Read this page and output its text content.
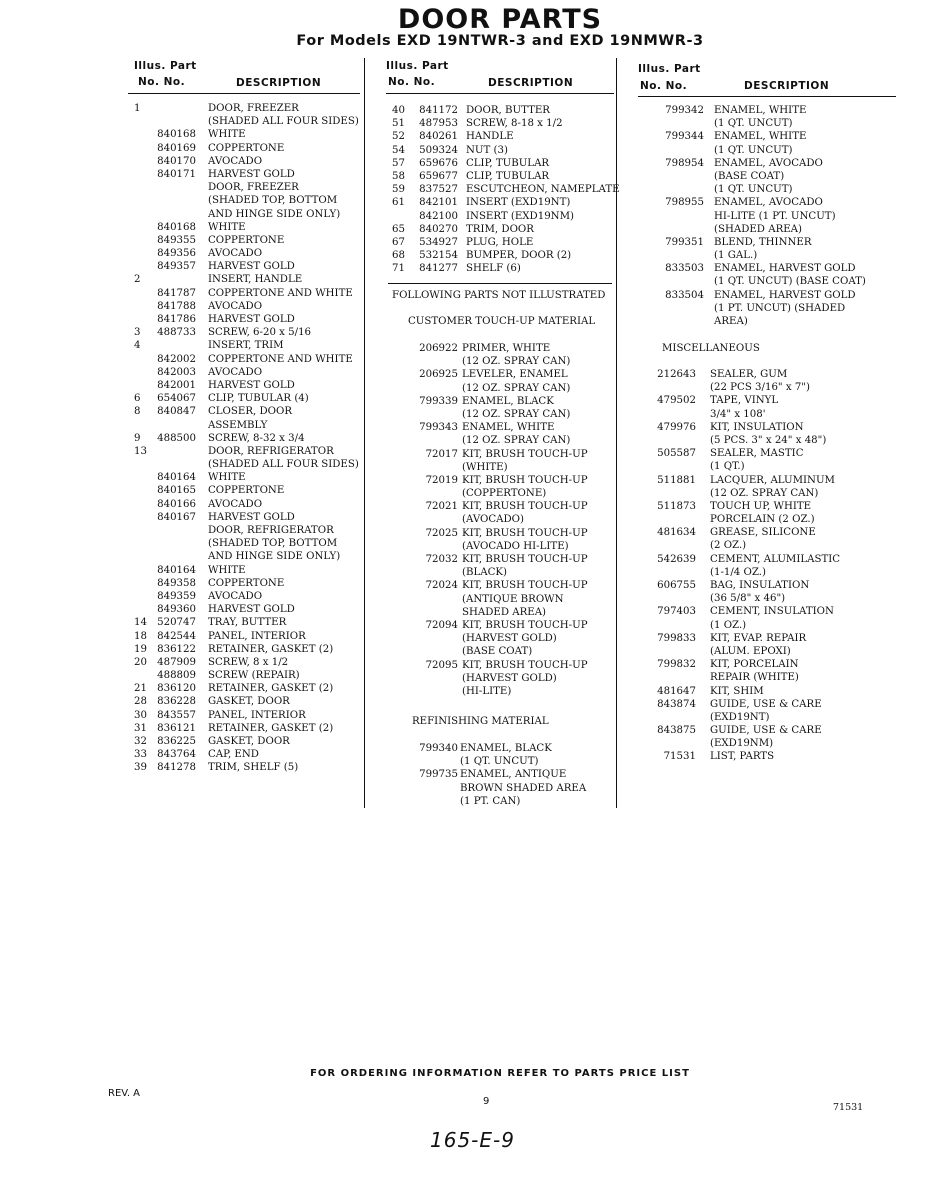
DOOR PARTS
For Models EXD 19NTWR-3 and EXD 19NMWR-3
Illus. Part
No. No.	DESCRIPTION
1	DOOR, FREEZER
(SHADED ALL FOUR SIDES)
840168 WHITE
840169 COPPERTONE
840170 AVOCADO
840171 HARVEST GOLD
DOOR, FREEZER
(SHADED TOP, BOTTOM
AND HINGE SIDE ONLY)
840168 WHITE
849355 COPPERTONE
849356 AVOCADO
849357 HARVEST GOLD
2	INSERT, HANDLE
841787 COPPERTONE AND WHITE
841788 AVOCADO
841786 HARVEST GOLD
3 488733 SCREW, 6-20 x 5/16
4	INSERT, TRIM
842002 COPPERTONE AND WHITE
842003 AVOCADO
842001 HARVEST GOLD
6 654067 CLIP, TUBULAR (4)
8 840847 CLOSER, DOOR
ASSEMBLY
9 488500 SCREW, 8-32 x 3/4
13	DOOR, REFRIGERATOR
(SHADED ALL FOUR SIDES)
840164 WHITE
840165 COPPERTONE
840166 AVOCADO
840167 HARVEST GOLD
DOOR, REFRIGERATOR
(SHADED TOP, BOTTOM
AND HINGE SIDE ONLY)
840164 WHITE
849358 COPPERTONE
849359 AVOCADO
849360 HARVEST GOLD
14 520747 TRAY, BUTTER
18 842544 PANEL, INTERIOR
19 836122 RETAINER, GASKET (2)
20 487909 SCREW, 8 x 1/2
488809 SCREW (REPAIR)
21 836120 RETAINER, GASKET (2)
28 836228 GASKET, DOOR
30 843557 PANEL, INTERIOR
31 836121 RETAINER, GASKET (2)
32 836225 GASKET, DOOR
33 843764 CAP, END
39 841278 TRIM, SHELF (5)
Illus. Part
No. No.	DESCRIPTION
40 841172 DOOR, BUTTER
51 487953 SCREW, 8-18 x 1/2
52 840261 HANDLE
54 509324 NUT (3)
57 659676 CLIP, TUBULAR
58 659677 CLIP, TUBULAR
59 837527 ESCUTCHEON, NAMEPLATE
61 842101 INSERT (EXD19NT)
842100 INSERT (EXD19NM)
65 840270 TRIM, DOOR
67 534927 PLUG, HOLE
68 532154 BUMPER, DOOR (2)
71 841277 SHELF (6)
FOLLOWING PARTS NOT ILLUSTRATED
CUSTOMER TOUCH-UP MATERIAL
206922 PRIMER, WHITE
(12 OZ. SPRAY CAN)
206925 LEVELER, ENAMEL
(12 OZ. SPRAY CAN)
799339 ENAMEL, BLACK
(12 OZ. SPRAY CAN)
799343 ENAMEL, WHITE
(12 OZ. SPRAY CAN)
72017 KIT, BRUSH TOUCH-UP
(WHITE)
72019 KIT, BRUSH TOUCH-UP
(COPPERTONE)
72021 KIT, BRUSH TOUCH-UP
(AVOCADO)
72025 KIT, BRUSH TOUCH-UP
(AVOCADO HI-LITE)
72032 KIT, BRUSH TOUCH-UP
(BLACK)
72024 KIT, BRUSH TOUCH-UP
(ANTIQUE BROWN
SHADED AREA)
72094 KIT, BRUSH TOUCH-UP
(HARVEST GOLD)
(BASE COAT)
72095 KIT, BRUSH TOUCH-UP
(HARVEST GOLD)
(HI-LITE)
REFINISHING MATERIAL
799340 ENAMEL, BLACK
(1 QT. UNCUT)
799735 ENAMEL, ANTIQUE
BROWN SHADED AREA
(1 PT. CAN)
Illus. Part
No. No.	DESCRIPTION
799342 ENAMEL, WHITE
(1 QT. UNCUT)
799344 ENAMEL, WHITE
(1 QT. UNCUT)
798954 ENAMEL, AVOCADO
(BASE COAT)
(1 QT. UNCUT)
798955 ENAMEL, AVOCADO
HI-LITE (1 PT. UNCUT)
(SHADED AREA)
799351 BLEND, THINNER
(1 GAL.)
833503 ENAMEL, HARVEST GOLD
(1 QT. UNCUT) (BASE COAT)
833504 ENAMEL, HARVEST GOLD
(1 PT. UNCUT) (SHADED
AREA)
MISCELLANEOUS
212643 SEALER, GUM
(22 PCS 3/16" x 7")
479502 TAPE, VINYL
3/4" x 108'
479976 KIT, INSULATION
(5 PCS. 3" x 24" x 48")
505587 SEALER, MASTIC
(1 QT.)
511881 LACQUER, ALUMINUM
(12 OZ. SPRAY CAN)
511873 TOUCH UP, WHITE
PORCELAIN (2 OZ.)
481634 GREASE, SILICONE
(2 OZ.)
542639 CEMENT, ALUMILASTIC
(1-1/4 OZ.)
606755 BAG, INSULATION
(36 5/8" x 46")
797403 CEMENT, INSULATION
(1 OZ.)
799833 KIT, EVAP. REPAIR
(ALUM. EPOXI)
799832 KIT, PORCELAIN
REPAIR (WHITE)
481647 KIT, SHIM
843874 GUIDE, USE & CARE
(EXD19NT)
843875 GUIDE, USE & CARE
(EXD19NM)
71531 LIST, PARTS
FOR ORDERING INFORMATION REFER TO PARTS PRICE LIST
REV. A
9
71531
165-E-9
